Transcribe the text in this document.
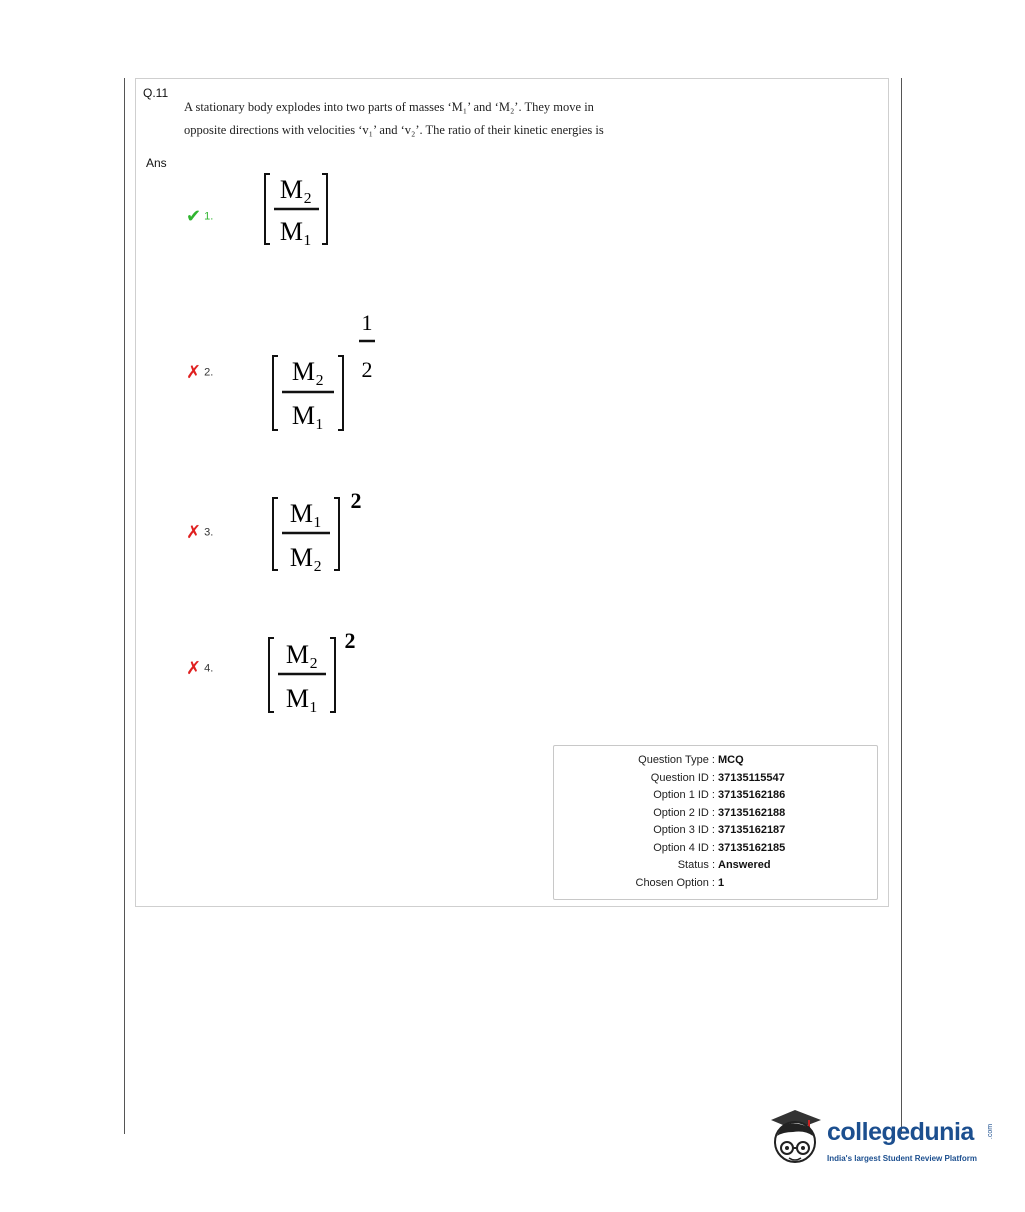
Q.11
A stationary body explodes into two parts of masses ‘M₁’ and ‘M₂’. They move in
opposite directions with velocities ‘v₁’ and ‘v₂’. The ratio of their kinetic energies is
Ans
✔ 1.
M₂
M₁
✗ 2.	M₂
M₁
1
2
✗ 3.
M₁
M₂
2
✗ 4.	M₂
M₁
2
Question Type : MCQ
Question ID : 37135115547
Option 1 ID : 37135162186
Option 2 ID : 37135162188
Option 3 ID : 37135162187
Option 4 ID : 37135162185
Status : Answered
Chosen Option : 1
collegedunia .com
India's largest Student Review Platform
